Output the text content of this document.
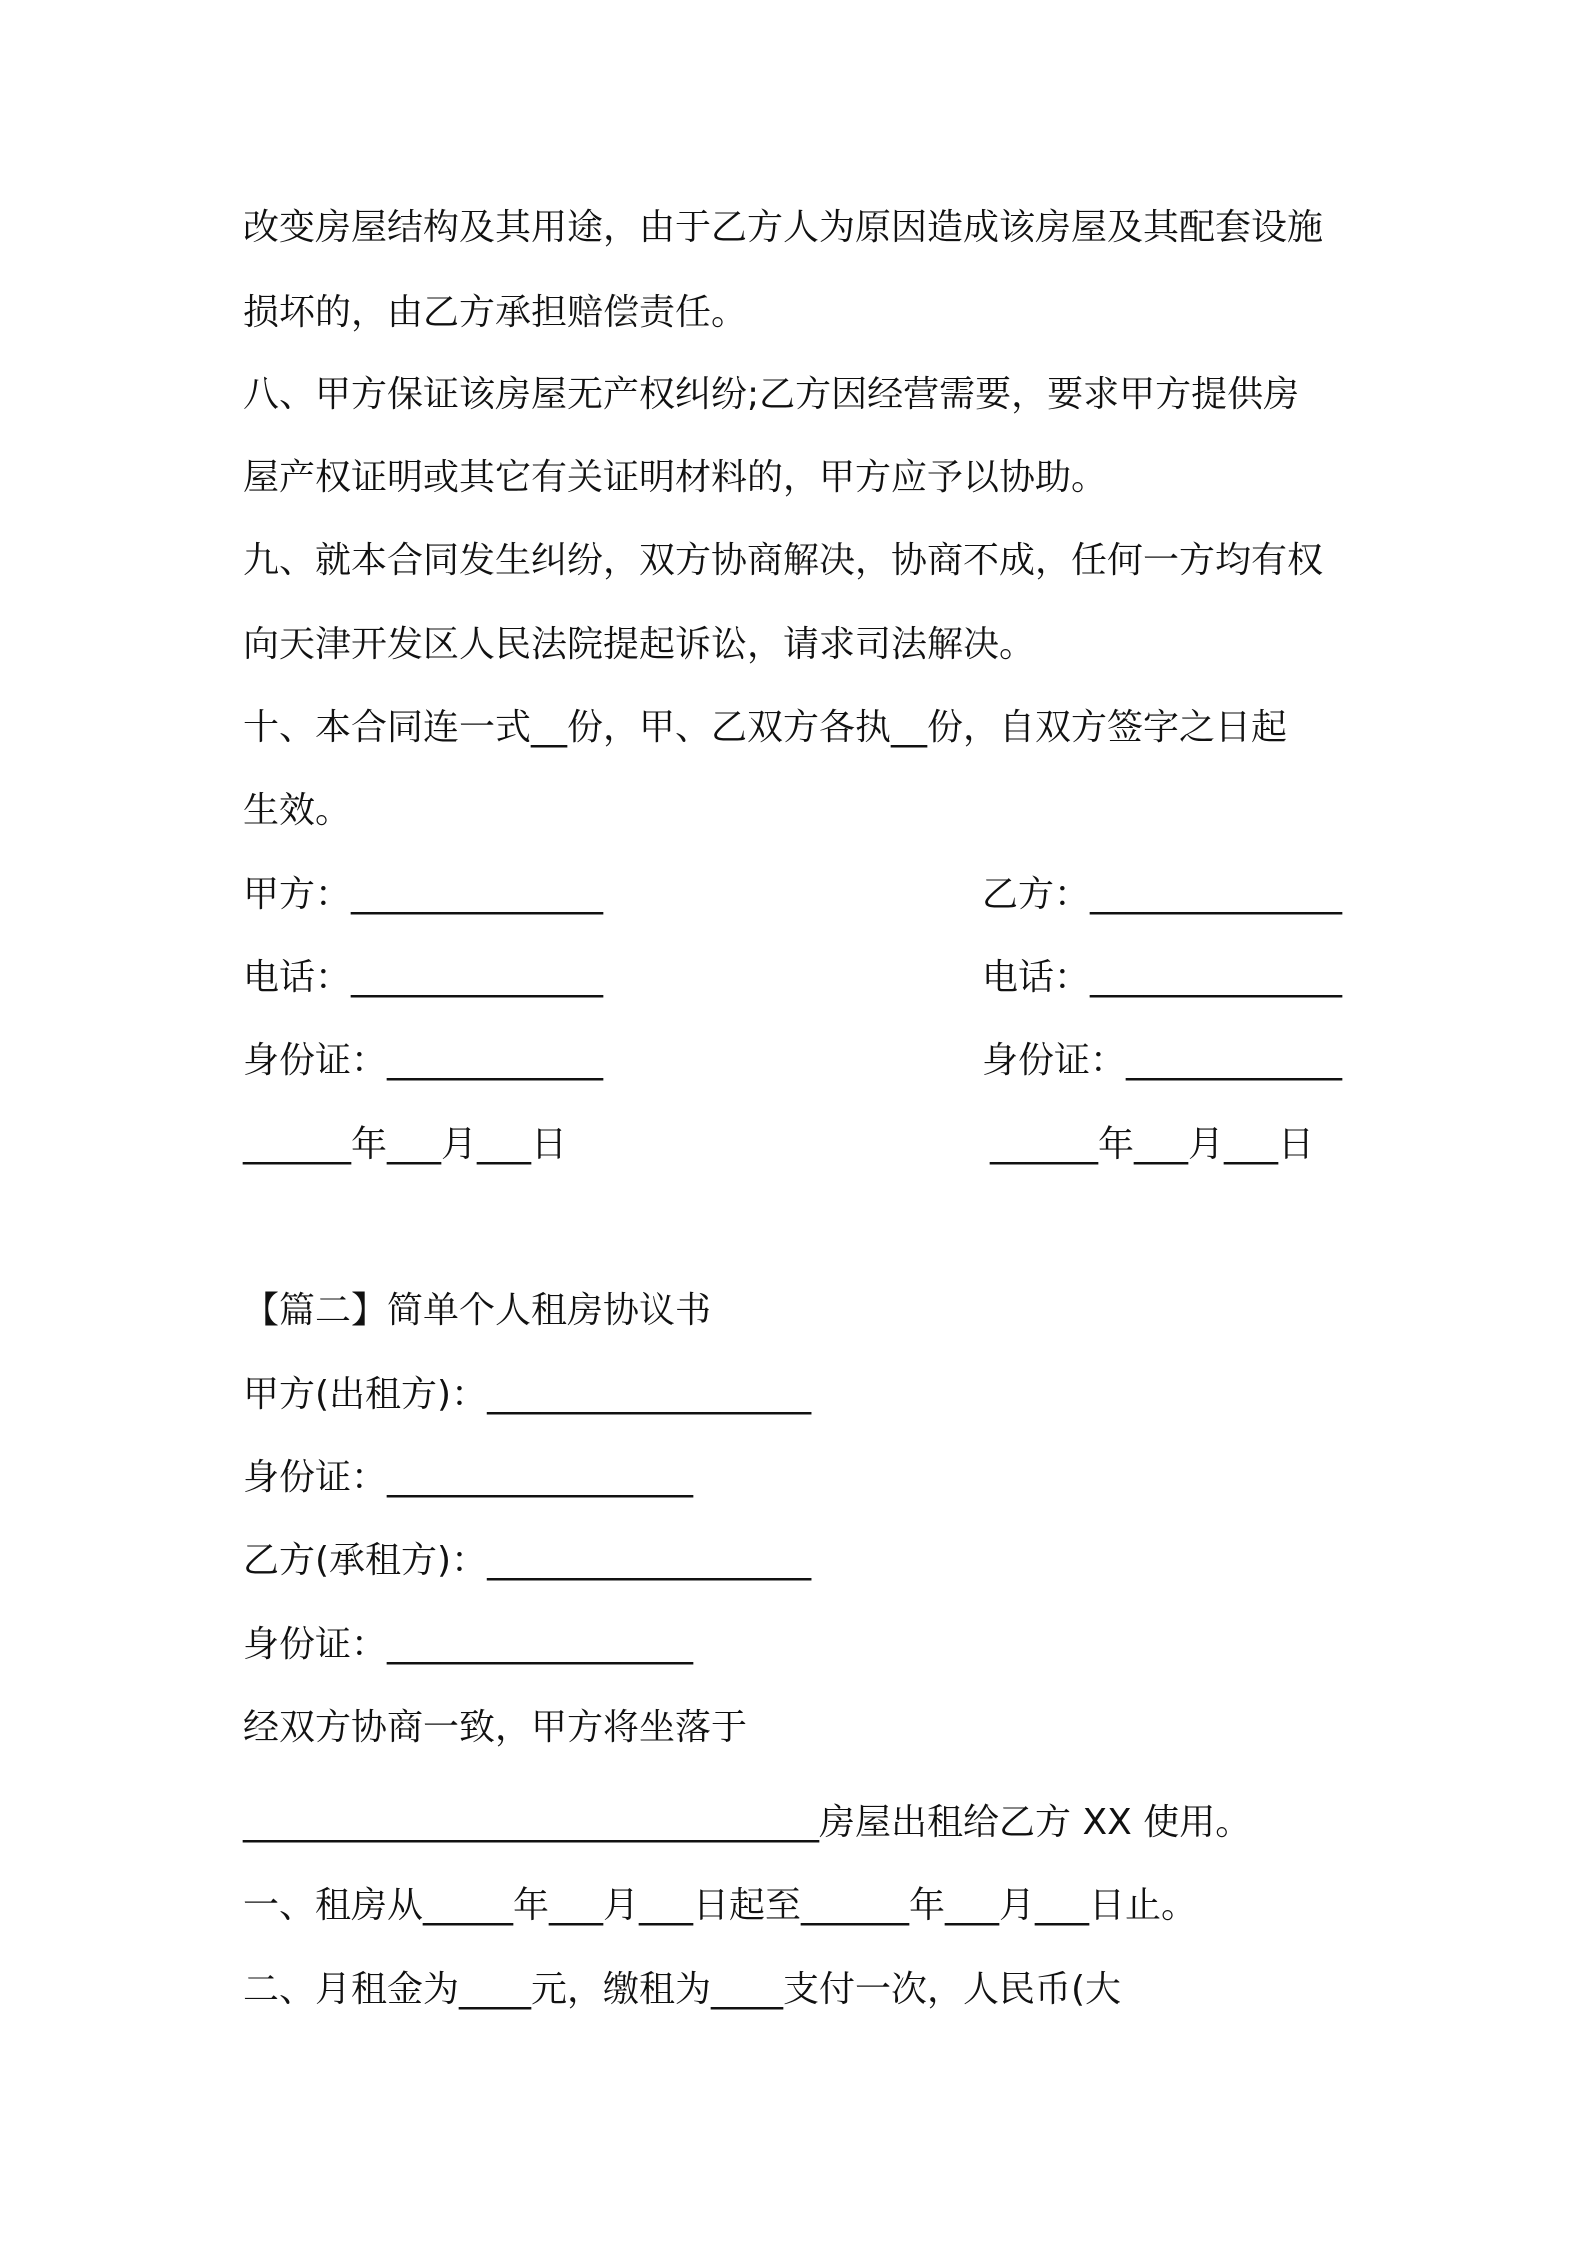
改变房屋结构及其用途，由于乙方人为原因造成该房屋及其配套设施
损坏的，由乙方承担赔偿责任。
八、甲方保证该房屋无产权纠纷;乙方因经营需要，要求甲方提供房
屋产权证明或其它有关证明材料的，甲方应予以协助。
九、就本合同发生纠纷，双方协商解决，协商不成，任何一方均有权
向天津开发区人民法院提起诉讼，请求司法解决。
十、本合同连一式__份，甲、乙双方各执__份，自双方签字之日起
生效。
甲方：______________	乙方：______________
电话：______________	电话：______________
身份证：____________	身份证：____________
______年___月___日	______年___月___日
【篇二】简单个人租房协议书
甲方(出租方)：__________________
身份证：_________________
乙方(承租方)：__________________
身份证：_________________
经双方协商一致，甲方将坐落于
________________________________房屋出租给乙方 XX 使用。
一、租房从_____年___月___日起至______年___月___日止。
二、月租金为____元，缴租为____支付一次，人民币(大
